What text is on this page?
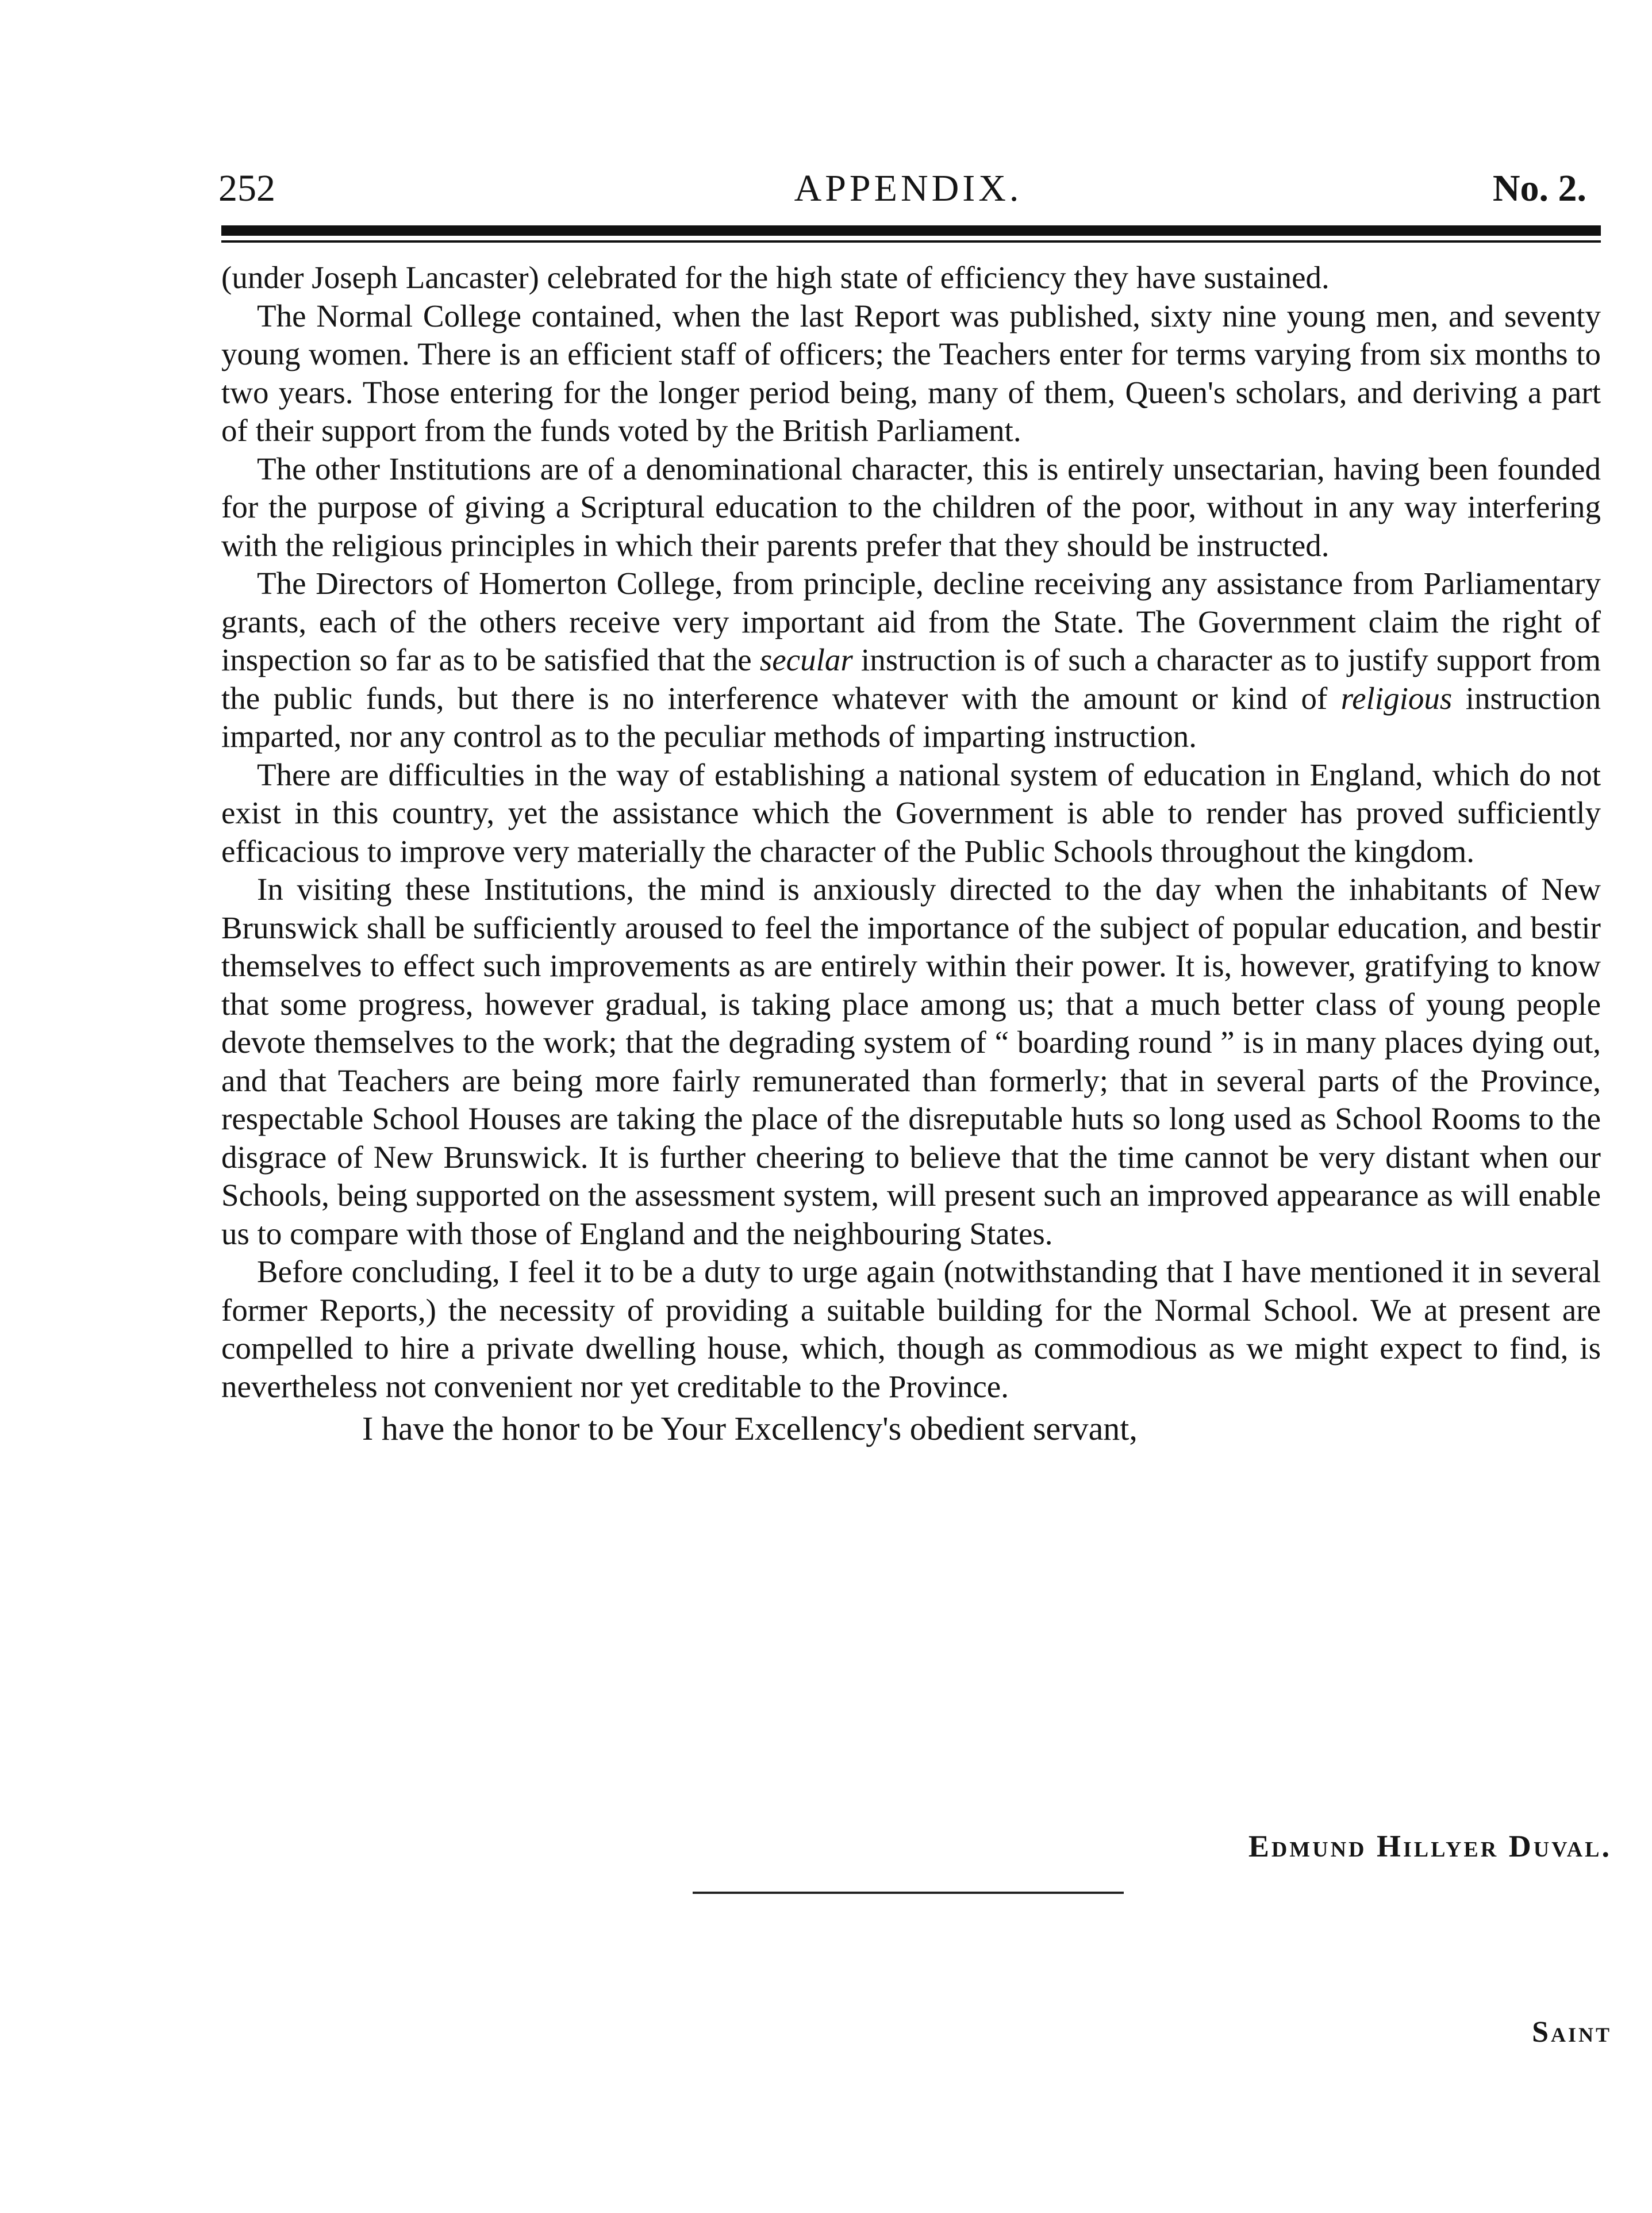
252	APPENDIX.	No. 2.

(under Joseph Lancaster) celebrated for the high state of efficiency they have sustained.

The Normal College contained, when the last Report was published, sixty nine young men, and seventy young women. There is an efficient staff of officers; the Teachers enter for terms varying from six months to two years. Those entering for the longer period being, many of them, Queen's scholars, and deriving a part of their support from the funds voted by the British Parliament.

The other Institutions are of a denominational character, this is entirely unsectarian, having been founded for the purpose of giving a Scriptural education to the children of the poor, without in any way interfering with the religious principles in which their parents prefer that they should be instructed.

The Directors of Homerton College, from principle, decline receiving any assistance from Parliamentary grants, each of the others receive very important aid from the State. The Government claim the right of inspection so far as to be satisfied that the secular instruction is of such a character as to justify support from the public funds, but there is no interference whatever with the amount or kind of religious instruction imparted, nor any control as to the peculiar methods of imparting instruction.

There are difficulties in the way of establishing a national system of education in England, which do not exist in this country, yet the assistance which the Government is able to render has proved sufficiently efficacious to improve very materially the character of the Public Schools throughout the kingdom.

In visiting these Institutions, the mind is anxiously directed to the day when the inhabitants of New Brunswick shall be sufficiently aroused to feel the importance of the subject of popular education, and bestir themselves to effect such improvements as are entirely within their power. It is, however, gratifying to know that some progress, however gradual, is taking place among us; that a much better class of young people devote themselves to the work; that the degrading system of “ boarding round ” is in many places dying out, and that Teachers are being more fairly remunerated than formerly; that in several parts of the Province, respectable School Houses are taking the place of the disreputable huts so long used as School Rooms to the disgrace of New Brunswick. It is further cheering to believe that the time cannot be very distant when our Schools, being supported on the assessment system, will present such an improved appearance as will enable us to compare with those of England and the neighbouring States.

Before concluding, I feel it to be a duty to urge again (notwithstanding that I have mentioned it in several former Reports,) the necessity of providing a suitable building for the Normal School. We at present are compelled to hire a private dwelling house, which, though as commodious as we might expect to find, is nevertheless not convenient nor yet creditable to the Province.

I have the honor to be Your Excellency's obedient servant,

Edmund Hillyer Duval.
Saint
